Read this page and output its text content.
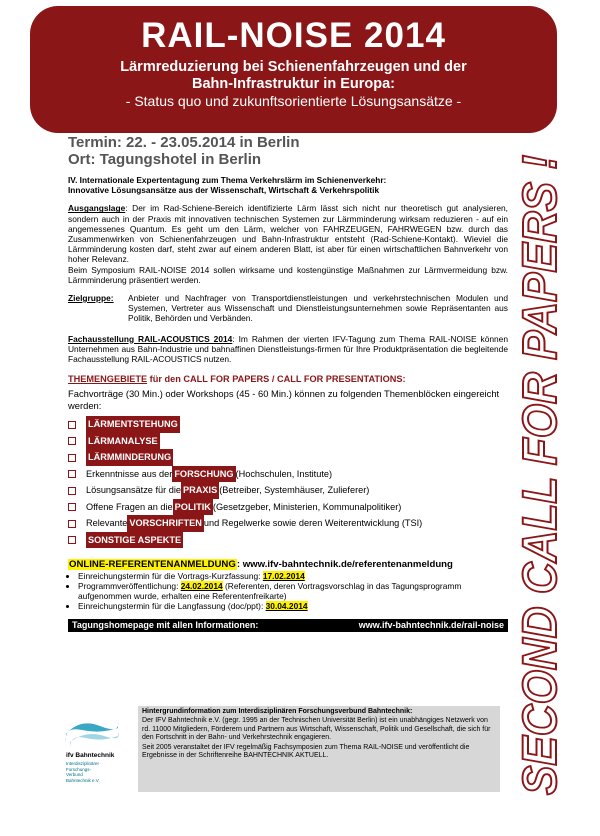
RAIL-NOISE 2014
Lärmreduzierung bei Schienenfahrzeugen und der
Bahn-Infrastruktur in Europa:
- Status quo und zukunftsorientierte Lösungsansätze -	SECOND CALL FOR PAPERS !
Termin: 22. - 23.05.2014 in Berlin
Ort: Tagungshotel in Berlin
IV. Internationale Expertentagung zum Thema Verkehrslärm im Schienenverkehr:
Innovative Lösungsansätze aus der Wissenschaft, Wirtschaft & Verkehrspolitik
Ausgangslage: Der im Rad-Schiene-Bereich identifizierte Lärm lässt sich nicht nur theoretisch gut analysieren, sondern auch in der Praxis mit innovativen technischen Systemen zur Lärmminderung wirksam reduzieren - auf ein angemessenes Quantum. Es geht um den Lärm, welcher von FAHRZEUGEN, FAHRWEGEN bzw. durch das Zusammenwirken von Schienenfahrzeugen und Bahn-Infrastruktur entsteht (Rad-Schiene-Kontakt). Wieviel die Lärmminderung kosten darf, steht zwar auf einem anderen Blatt, ist aber für einen wirtschaftlichen Bahnverkehr von hoher Relevanz.
Beim Symposium RAIL-NOISE 2014 sollen wirksame und kostengünstige Maßnahmen zur Lärmvermeidung bzw. Lärmminderung präsentiert werden.
Zielgruppe:	Anbieter und Nachfrager von Transportdienstleistungen und verkehrstechnischen Modulen und Systemen, Vertreter aus Wissenschaft und Dienstleistungsunternehmen sowie Repräsentanten aus Politik, Behörden und Verbänden.
Fachausstellung RAIL-ACOUSTICS 2014: Im Rahmen der vierten IFV-Tagung zum Thema RAIL-NOISE können Unternehmen aus Bahn-Industrie und bahnaffinen Dienstleistungs-firmen für Ihre Produktpräsentation die begleitende Fachausstellung RAIL-ACOUSTICS nutzen.
THEMENGEBIETE für den CALL FOR PAPERS / CALL FOR PRESENTATIONS:
Fachvorträge (30 Min.) oder Workshops (45 - 60 Min.) können zu folgenden Themenblöcken eingereicht werden:
LÄRMENTSTEHUNG
LÄRMANALYSE
LÄRMMINDERUNG
Erkenntnisse aus der FORSCHUNG (Hochschulen, Institute)
Lösungsansätze für die PRAXIS (Betreiber, Systemhäuser, Zulieferer)
Offene Fragen an die POLITIK (Gesetzgeber, Ministerien, Kommunalpolitiker)
Relevante VORSCHRIFTEN und Regelwerke sowie deren Weiterentwicklung (TSI)
SONSTIGE ASPEKTE
ONLINE-REFERENTENANMELDUNG: www.ifv-bahntechnik.de/referentenanmeldung
• Einreichungstermin für die Vortrags-Kurzfassung: 17.02.2014
• Programmveröffentlichung: 24.02.2014 (Referenten, deren Vortragsvorschlag in das Tagungsprogramm aufgenommen wurde, erhalten eine Referentenfreikarte)
• Einreichungstermin für die Langfassung (doc/ppt): 30.04.2014
Tagungshomepage mit allen Informationen:	www.ifv-bahntechnik.de/rail-noise
ifv Bahntechnik
Interdisziplinärer
Forschungs-
Verbund
Bahntechnik e.V.

Hintergrundinformation zum Interdisziplinären Forschungsverbund Bahntechnik:

Der IFV Bahntechnik e.V. (gegr. 1995 an der Technischen Universität Berlin) ist ein unabhängiges Netzwerk von rd. 11000 Mitgliedern, Förderern und Partnern aus Wirtschaft, Wissenschaft, Politik und Gesellschaft, die sich für den Fortschritt in der Bahn- und Verkehrstechnik engagieren.

Seit 2005 veranstaltet der IFV regelmäßig Fachsymposien zum Thema RAIL-NOISE und veröffentlicht die Ergebnisse in der Schriftenreihe BAHNTECHNIK AKTUELL.
